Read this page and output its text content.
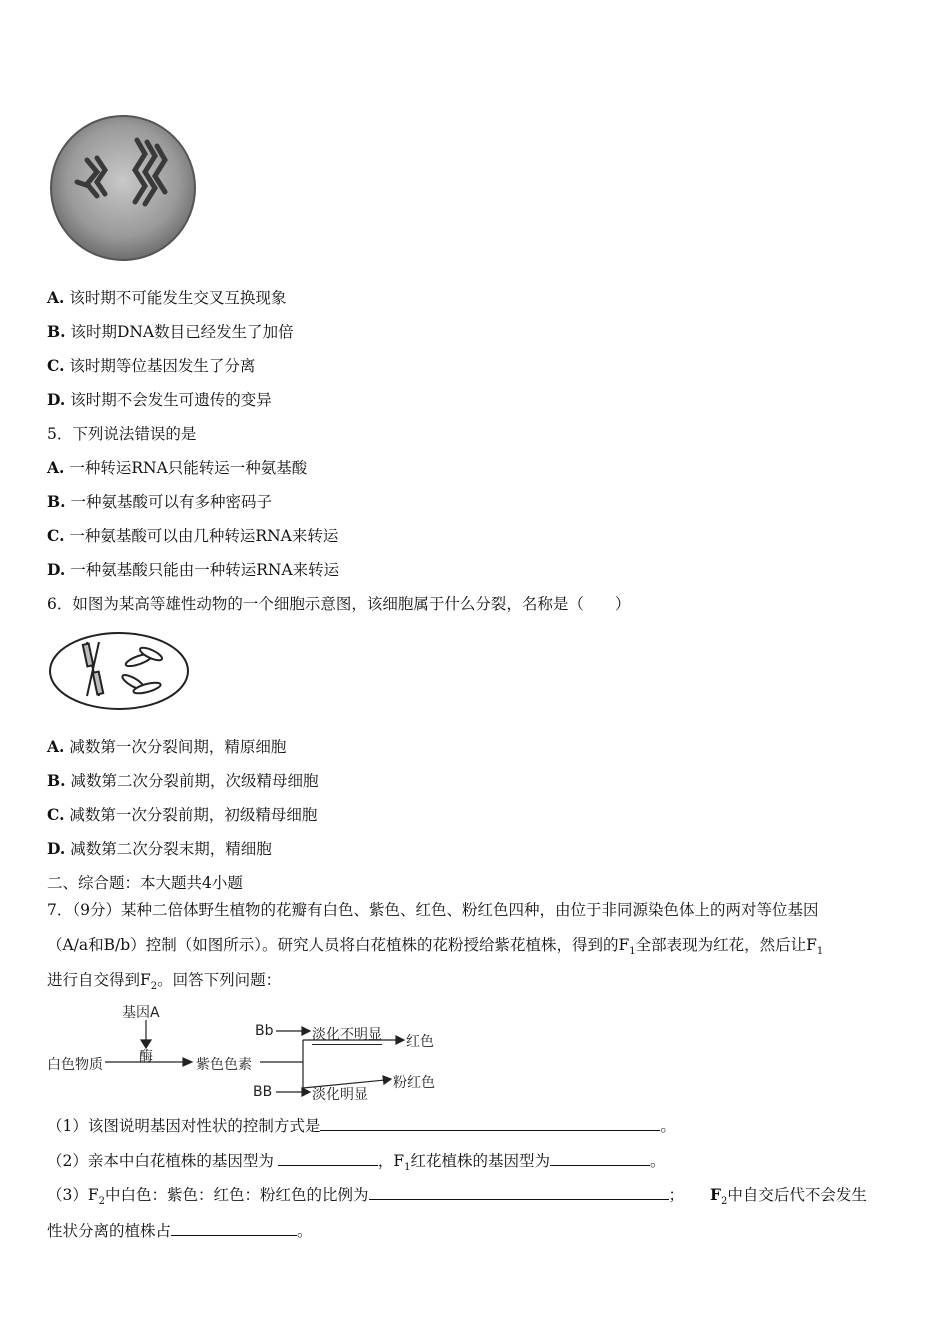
A. 该时期不可能发生交叉互换现象
B. 该时期DNA数目已经发生了加倍
C. 该时期等位基因发生了分离
D. 该时期不会发生可遗传的变异
5．下列说法错误的是
A. 一种转运RNA只能转运一种氨基酸
B. 一种氨基酸可以有多种密码子
C. 一种氨基酸可以由几种转运RNA来转运
D. 一种氨基酸只能由一种转运RNA来转运
6．如图为某高等雄性动物的一个细胞示意图，该细胞属于什么分裂，名称是（　　）
A. 减数第一次分裂间期，精原细胞
B. 减数第二次分裂前期，次级精母细胞
C. 减数第一次分裂前期，初级精母细胞
D. 减数第二次分裂末期，精细胞
二、综合题：本大题共4小题
7．（9分）某种二倍体野生植物的花瓣有白色、紫色、红色、粉红色四种，由位于非同源染色体上的两对等位基因
（A/a和B/b）控制（如图所示）。研究人员将白花植株的花粉授给紫花植株，得到的$F_1$全部表现为红花，然后让$F_1$
进行自交得到$F_2$。回答下列问题：
基因A
酶
白色物质	紫色色素
Bb	淡化不明显 红色
BB	淡化明显
粉红色
（1）该图说明基因对性状的控制方式是	。
（2）亲本中白花植株的基因型为	，$F_1$红花植株的基因型为	。
$(3)F_2$中白色：紫色：红色：粉红色的比例为	； $F_2$中自交后代不会发生
性状分离的植株占	。
